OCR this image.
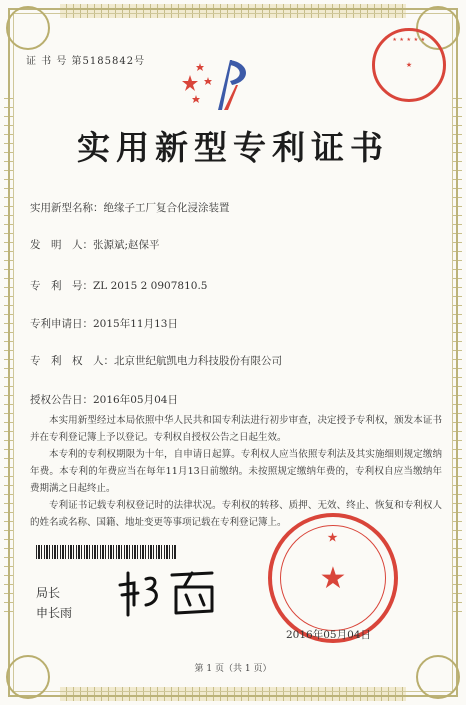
证 书 号 第5185842号
★ ★ ★ ★ ★
★
实用新型专利证书
实用新型名称：绝缘子工厂复合化浸涂装置
发　明　人：张源斌;赵保平
专　利　号：ZL 2015 2 0907810.5
专利申请日：2015年11月13日
专　利　权　人：北京世纪航凯电力科技股份有限公司
授权公告日：2016年05月04日

本实用新型经过本局依照中华人民共和国专利法进行初步审查，决定授予专利权，颁发本证书并在专利登记簿上予以登记。专利权自授权公告之日起生效。

本专利的专利权期限为十年，自申请日起算。专利权人应当依照专利法及其实施细则规定缴纳年费。本专利的年费应当在每年11月13日前缴纳。未按照规定缴纳年费的，专利权自应当缴纳年费期满之日起终止。

专利证书记载专利权登记时的法律状况。专利权的转移、质押、无效、终止、恢复和专利权人的姓名或名称、国籍、地址变更等事项记载在专利登记簿上。

局长
申长雨
★
★
2016年05月04日
第 1 页（共 1 页）
